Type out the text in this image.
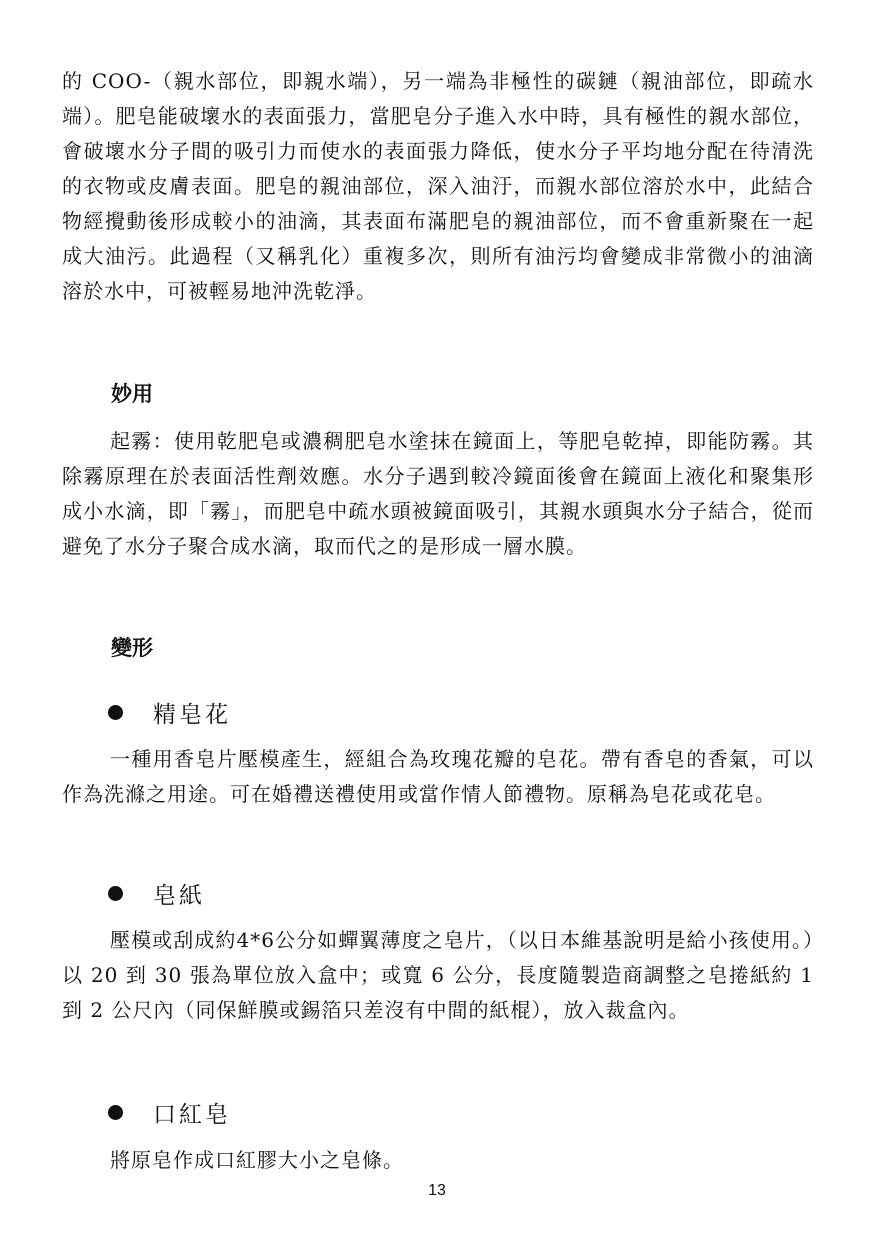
的 COO-（親水部位，即親水端），另一端為非極性的碳鏈（親油部位，即疏水端）。肥皂能破壞水的表面張力，當肥皂分子進入水中時，具有極性的親水部位，會破壞水分子間的吸引力而使水的表面張力降低，使水分子平均地分配在待清洗的衣物或皮膚表面。肥皂的親油部位，深入油汙，而親水部位溶於水中，此結合物經攪動後形成較小的油滴，其表面布滿肥皂的親油部位，而不會重新聚在一起成大油污。此過程（又稱乳化）重複多次，則所有油污均會變成非常微小的油滴溶於水中，可被輕易地沖洗乾淨。

妙用

起霧：使用乾肥皂或濃稠肥皂水塗抹在鏡面上，等肥皂乾掉，即能防霧。其除霧原理在於表面活性劑效應。水分子遇到較冷鏡面後會在鏡面上液化和聚集形成小水滴，即「霧」，而肥皂中疏水頭被鏡面吸引，其親水頭與水分子結合，從而避免了水分子聚合成水滴，取而代之的是形成一層水膜。

變形
精皂花

一種用香皂片壓模產生，經組合為玫瑰花瓣的皂花。帶有香皂的香氣，可以作為洗滌之用途。可在婚禮送禮使用或當作情人節禮物。原稱為皂花或花皂。

皂紙

壓模或刮成約4*6公分如蟬翼薄度之皂片，（以日本維基說明是給小孩使用。）以 20 到 30 張為單位放入盒中；或寬 6 公分，長度隨製造商調整之皂捲紙約 1 到 2 公尺內（同保鮮膜或錫箔只差沒有中間的紙棍），放入裁盒內。

口紅皂

將原皂作成口紅膠大小之皂條。

13
